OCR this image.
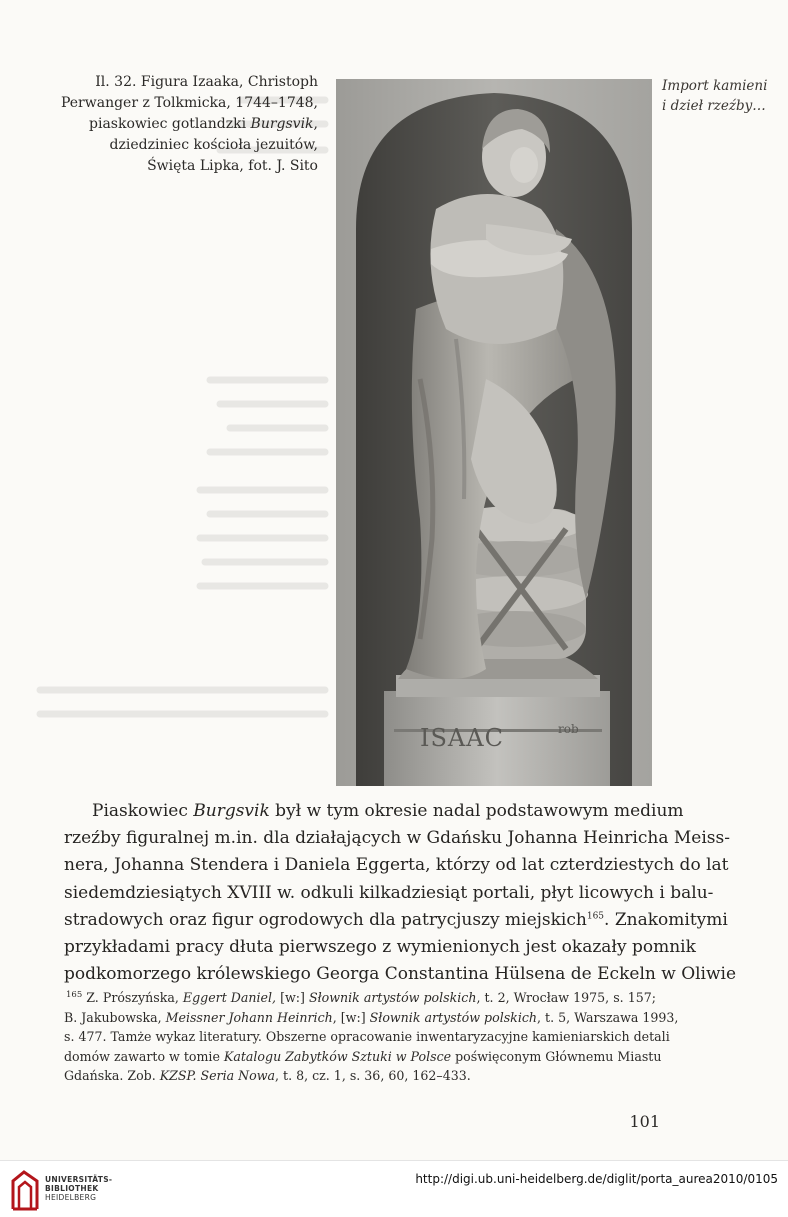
Il. 32. Figura Izaaka, Christoph
Perwanger z Tolkmicka, 1744–1748,
piaskowiec gotlandzki Burgsvik,
dziedziniec kościoła jezuitów,
Święta Lipka, fot. J. Sito
Import kamieni
i dzieł rzeźby…
ISAAC	rob
Piaskowiec Burgsvik był w tym okresie nadal podstawowym medium
rzeźby figuralnej m.in. dla działających w Gdańsku Johanna Heinricha Meiss-
nera, Johanna Stendera i Daniela Eggerta, którzy od lat czterdziestych do lat
siedemdziesiątych XVIII w. odkuli kilkadziesiąt portali, płyt licowych i balu-
stradowych oraz figur ogrodowych dla patrycjuszy miejskich$^{165}$. Znakomitymi
przykładami pracy dłuta pierwszego z wymienionych jest okazały pomnik
podkomorzego królewskiego Georga Constantina Hülsena de Eckeln w Oliwie
$^{165}$ Z. Prószyńska, Eggert Daniel, [w:] Słownik artystów polskich, t. 2, Wrocław 1975, s. 157;
B. Jakubowska, Meissner Johann Heinrich, [w:] Słownik artystów polskich, t. 5, Warszawa 1993,
s. 477. Tamże wykaz literatury. Obszerne opracowanie inwentaryzacyjne kamieniarskich detali
domów zawarto w tomie Katalogu Zabytków Sztuki w Polsce poświęconym Głównemu Miastu
Gdańska. Zob. KZSP. Seria Nowa, t. 8, cz. 1, s. 36, 60, 162–433.
101
UNIVERSITÄTS-
BIBLIOTHEK
HEIDELBERG
http://digi.ub.uni-heidelberg.de/diglit/porta_aurea2010/0105
